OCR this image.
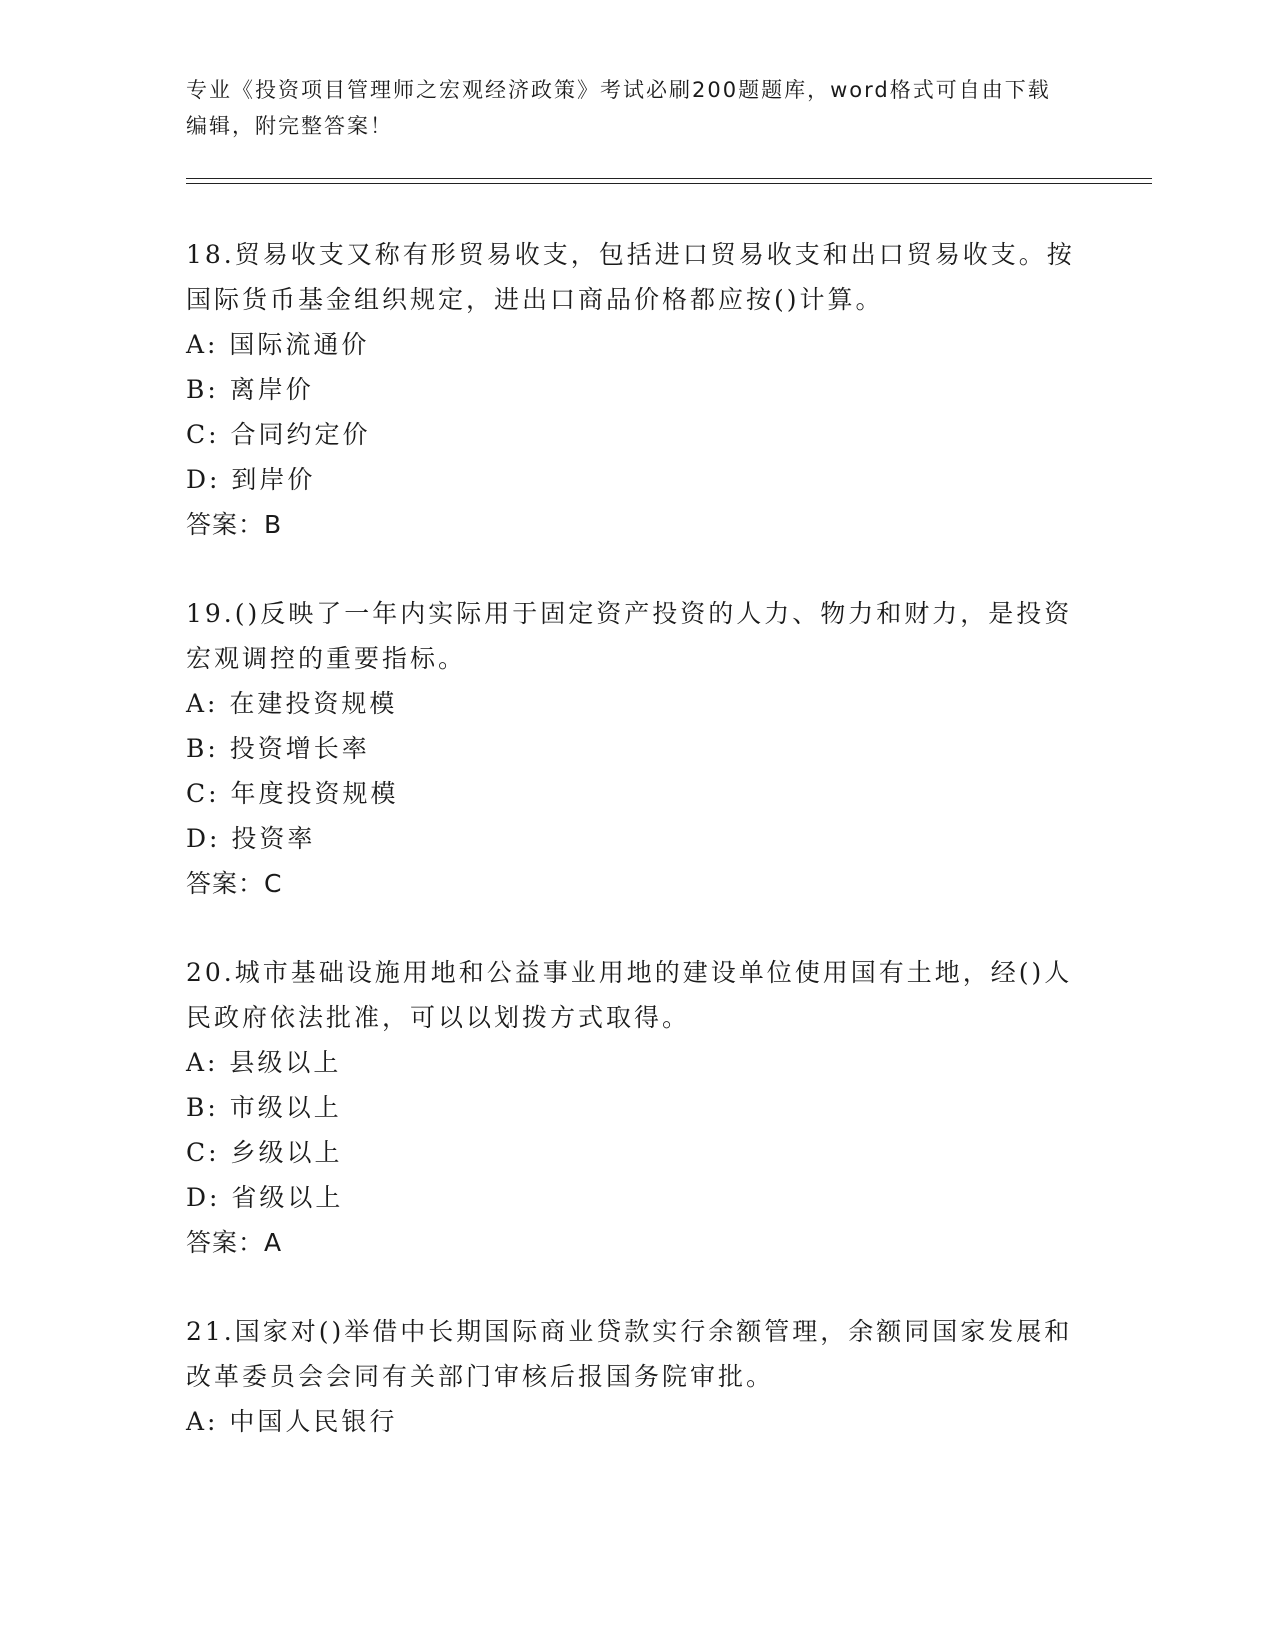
专业《投资项目管理师之宏观经济政策》考试必刷200题题库，word格式可自由下载编辑，附完整答案！

18.贸易收支又称有形贸易收支，包括进口贸易收支和出口贸易收支。按国际货币基金组织规定，进出口商品价格都应按()计算。

A: 国际流通价

B: 离岸价

C: 合同约定价

D: 到岸价

答案：B

19.()反映了一年内实际用于固定资产投资的人力、物力和财力，是投资宏观调控的重要指标。

A: 在建投资规模

B: 投资增长率

C: 年度投资规模

D: 投资率

答案：C

20.城市基础设施用地和公益事业用地的建设单位使用国有土地，经()人民政府依法批准，可以以划拨方式取得。

A: 县级以上

B: 市级以上

C: 乡级以上

D: 省级以上

答案：A

21.国家对()举借中长期国际商业贷款实行余额管理，余额同国家发展和改革委员会会同有关部门审核后报国务院审批。

A: 中国人民银行
